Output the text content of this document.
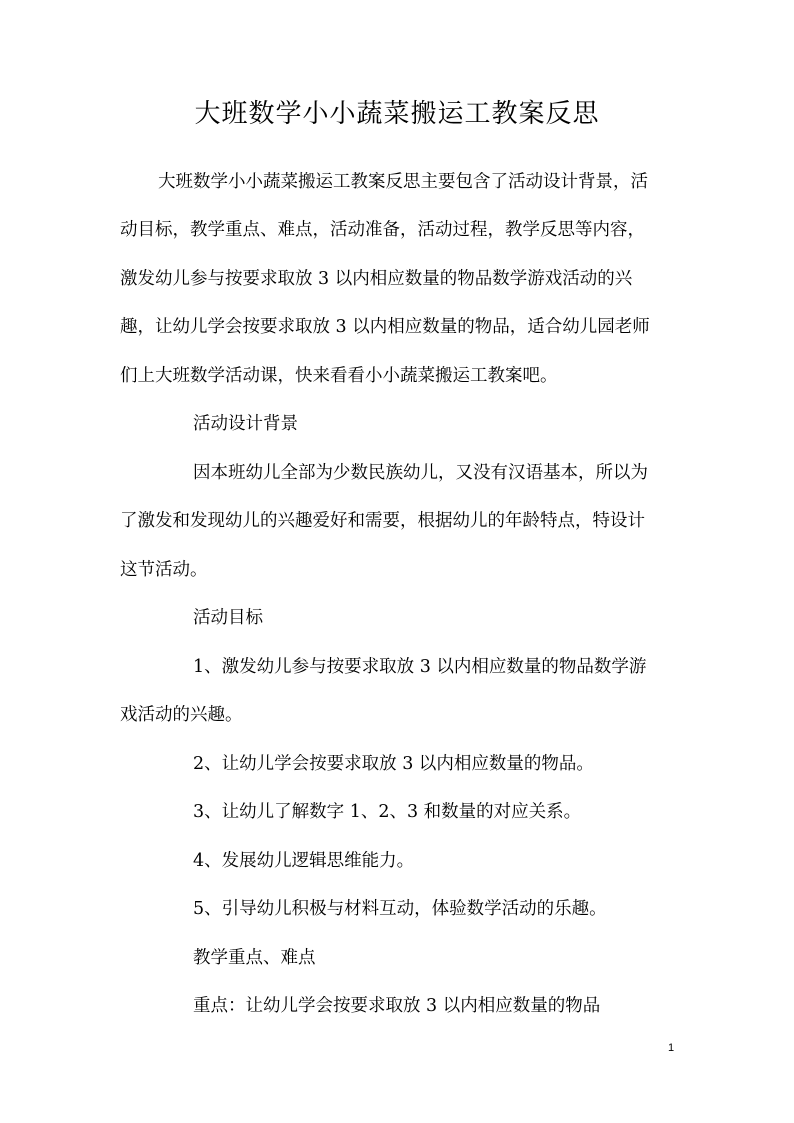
大班数学小小蔬菜搬运工教案反思

大班数学小小蔬菜搬运工教案反思主要包含了活动设计背景，活

动目标，教学重点、难点，活动准备，活动过程，教学反思等内容，

激发幼儿参与按要求取放 3 以内相应数量的物品数学游戏活动的兴

趣，让幼儿学会按要求取放 3 以内相应数量的物品，适合幼儿园老师

们上大班数学活动课，快来看看小小蔬菜搬运工教案吧。

活动设计背景

因本班幼儿全部为少数民族幼儿，又没有汉语基本，所以为

了激发和发现幼儿的兴趣爱好和需要，根据幼儿的年龄特点，特设计

这节活动。

活动目标

1、激发幼儿参与按要求取放 3 以内相应数量的物品数学游

戏活动的兴趣。

2、让幼儿学会按要求取放 3 以内相应数量的物品。

3、让幼儿了解数字 1、2、3 和数量的对应关系。

4、发展幼儿逻辑思维能力。

5、引导幼儿积极与材料互动，体验数学活动的乐趣。

教学重点、难点

重点：让幼儿学会按要求取放 3 以内相应数量的物品

1
